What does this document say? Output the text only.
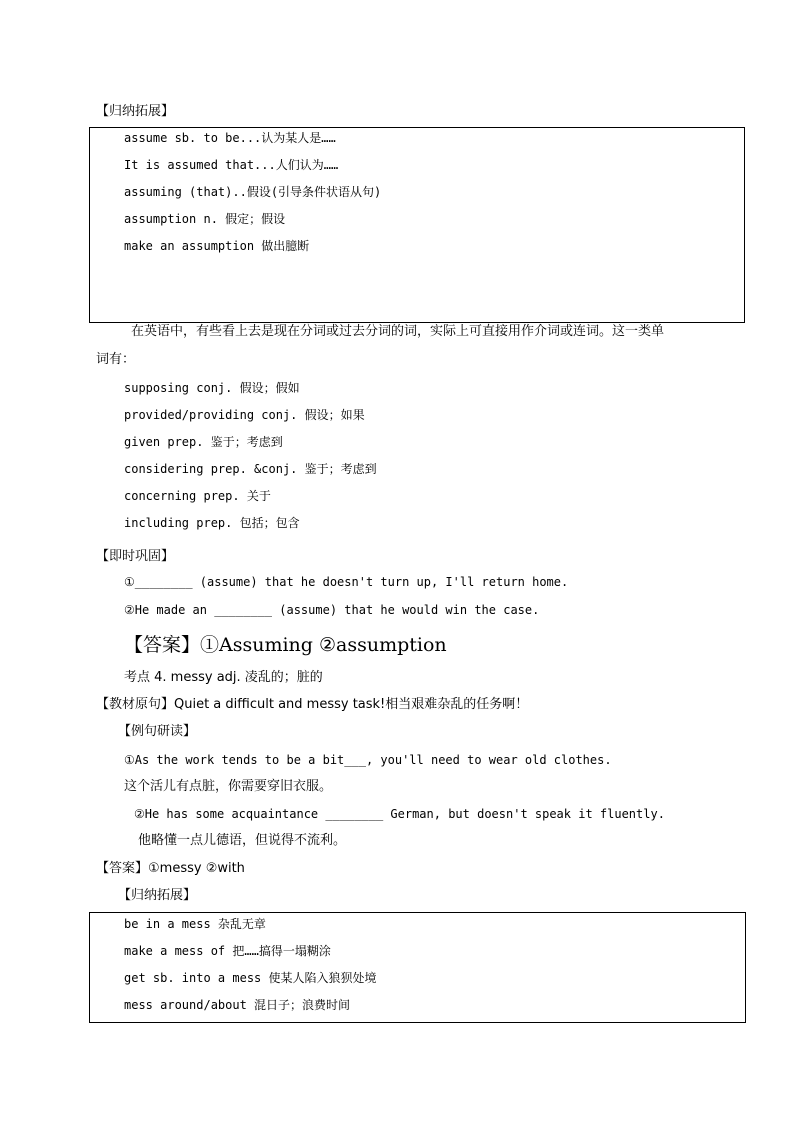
【归纳拓展】
assume sb. to be...认为某人是……
It is assumed that...人们认为……
assuming (that)..假设(引导条件状语从句)
assumption n. 假定；假设
make an assumption 做出臆断
在英语中，有些看上去是现在分词或过去分词的词，实际上可直接用作介词或连词。这一类单
词有：
supposing conj. 假设；假如
provided/providing conj. 假设；如果
given prep. 鉴于；考虑到
considering prep. &conj. 鉴于；考虑到
concerning prep. 关于
including prep. 包括；包含
【即时巩固】
①________ (assume) that he doesn't turn up, I'll return home.
②He made an ________ (assume) that he would win the case.
【答案】①Assuming ②assumption
考点 4. messy adj. 凌乱的；脏的
【教材原句】Quiet a difficult and messy task!相当艰难杂乱的任务啊！
【例句研读】
①As the work tends to be a bit___, you'll need to wear old clothes.
这个活儿有点脏，你需要穿旧衣服。
②He has some acquaintance ________ German, but doesn't speak it fluently.
他略懂一点儿德语，但说得不流利。
【答案】①messy ②with
【归纳拓展】
be in a mess 杂乱无章
make a mess of 把……搞得一塌糊涂
get sb. into a mess 使某人陷入狼狈处境
mess around/about 混日子；浪费时间
